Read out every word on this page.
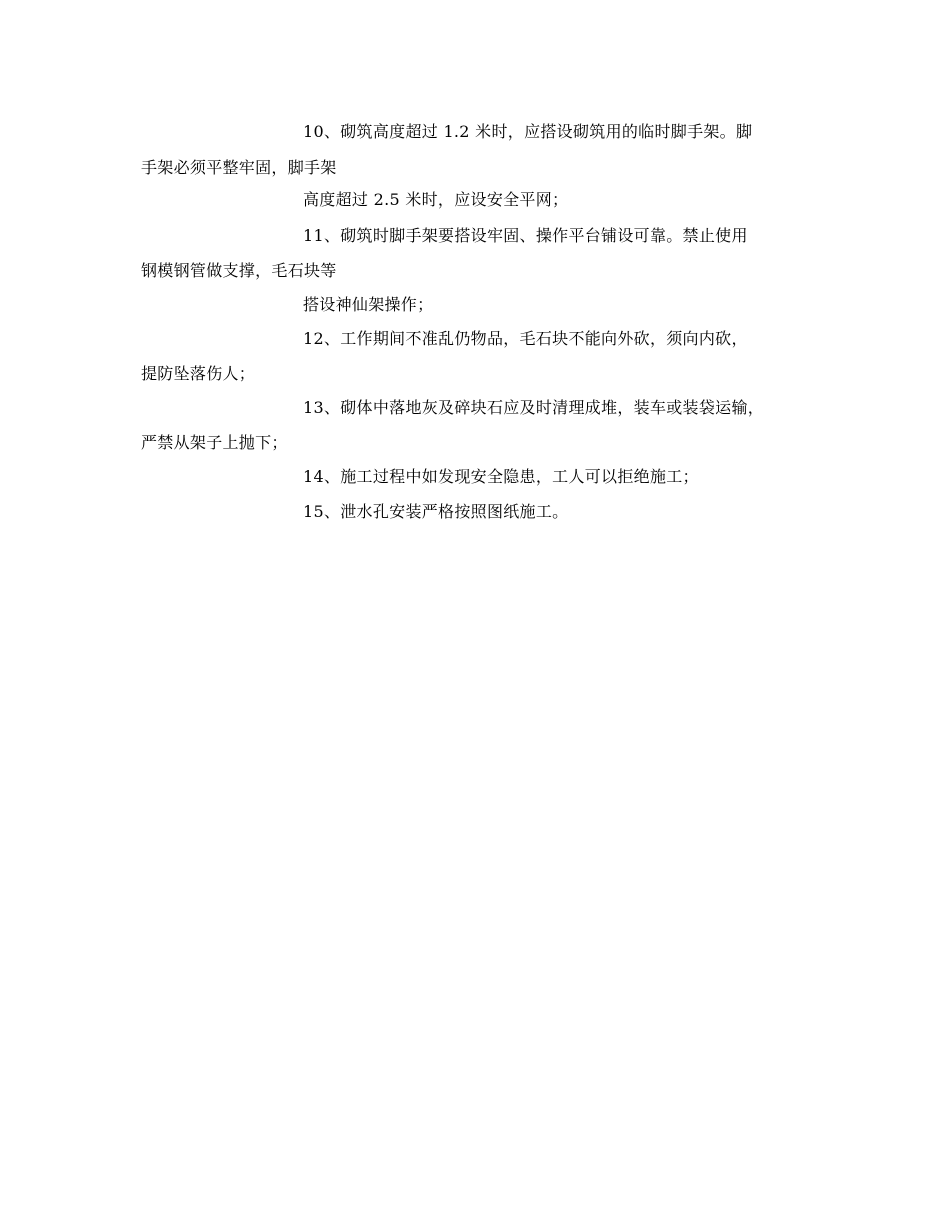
10、砌筑高度超过 1.2 米时，应搭设砌筑用的临时脚手架。脚
手架必须平整牢固，脚手架
高度超过 2.5 米时，应设安全平网；
11、砌筑时脚手架要搭设牢固、操作平台铺设可靠。禁止使用
钢模钢管做支撑，毛石块等
搭设神仙架操作；
12、工作期间不准乱仍物品，毛石块不能向外砍，须向内砍，
提防坠落伤人；
13、砌体中落地灰及碎块石应及时清理成堆，装车或装袋运输，
严禁从架子上抛下；
14、施工过程中如发现安全隐患，工人可以拒绝施工；
15、泄水孔安装严格按照图纸施工。
